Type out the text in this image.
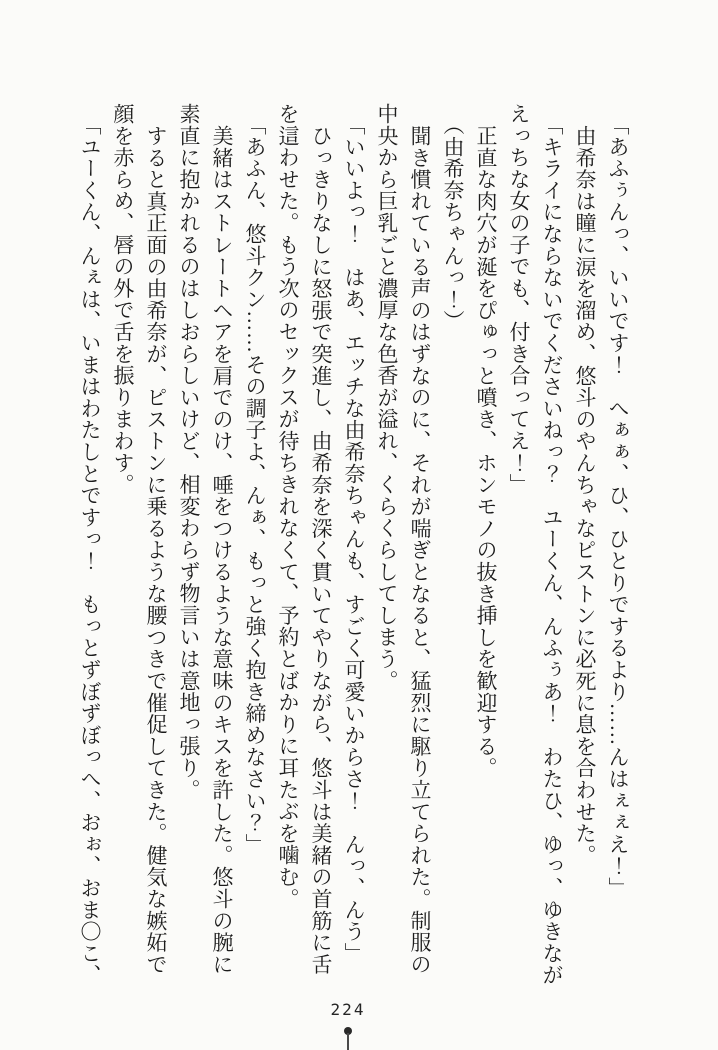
「あふぅんっ、いいです！　へぁぁ、ひ、ひとりでするより……んはぇぇえ！」

由希奈は瞳に涙を溜め、悠斗のやんちゃなピストンに必死に息を合わせた。

「キライにならないでくださいねっ？　ユーくん、んふぅあ！　わたひ、ゆっ、ゆきなが

えっちな女の子でも、付き合ってえ！」

正直な肉穴が涎をぴゅっと噴き、ホンモノの抜き挿しを歓迎する。

（由希奈ちゃんっ！）

聞き慣れている声のはずなのに、それが喘ぎとなると、猛烈に駆り立てられた。制服の

中央から巨乳ごと濃厚な色香が溢れ、くらくらしてしまう。

「いいよっ！　はあ、エッチな由希奈ちゃんも、すごく可愛いからさ！　んっ、んう」

ひっきりなしに怒張で突進し、由希奈を深く貫いてやりながら、悠斗は美緒の首筋に舌

を這わせた。もう次のセックスが待ちきれなくて、予約とばかりに耳たぶを噛む。

「あふん、悠斗クン……その調子よ、んぁ、もっと強く抱き締めなさい？」

美緒はストレートヘアを肩でのけ、唾をつけるような意味のキスを許した。悠斗の腕に

素直に抱かれるのはしおらしいけど、相変わらず物言いは意地っ張り。

すると真正面の由希奈が、ピストンに乗るような腰つきで催促してきた。健気な嫉妬で

顔を赤らめ、唇の外で舌を振りまわす。

「ユーくん、んぇは、いまはわたしとですっ！　もっとずぼずぼっへ、おぉ、おま〇こ、

224
